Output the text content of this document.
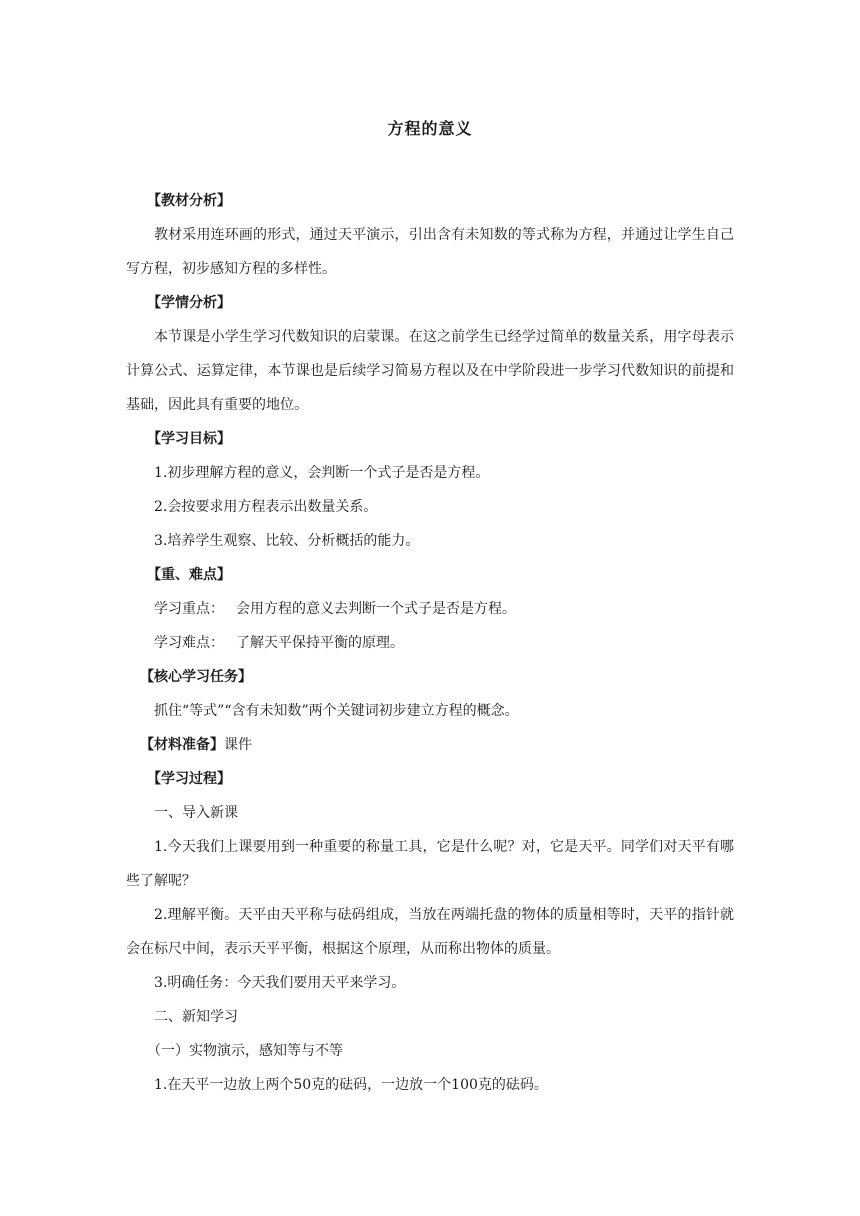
方程的意义
【教材分析】
教材采用连环画的形式，通过天平演示，引出含有未知数的等式称为方程，并通过让学生自己写方程，初步感知方程的多样性。
【学情分析】
本节课是小学生学习代数知识的启蒙课。在这之前学生已经学过简单的数量关系，用字母表示计算公式、运算定律，本节课也是后续学习简易方程以及在中学阶段进一步学习代数知识的前提和基础，因此具有重要的地位。
【学习目标】
1.初步理解方程的意义，会判断一个式子是否是方程。
2.会按要求用方程表示出数量关系。
3.培养学生观察、比较、分析概括的能力。
【重、难点】
学习重点： 会用方程的意义去判断一个式子是否是方程。
学习难点： 了解天平保持平衡的原理。
【核心学习任务】
抓住“等式”“含有未知数”两个关键词初步建立方程的概念。
【材料准备】课件
【学习过程】
一、导入新课
1.今天我们上课要用到一种重要的称量工具，它是什么呢？对，它是天平。同学们对天平有哪些了解呢？
2.理解平衡。天平由天平称与砝码组成，当放在两端托盘的物体的质量相等时，天平的指针就会在标尺中间，表示天平平衡，根据这个原理，从而称出物体的质量。
3.明确任务：今天我们要用天平来学习。
二、新知学习
（一）实物演示，感知等与不等
1.在天平一边放上两个50克的砝码，一边放一个100克的砝码。
